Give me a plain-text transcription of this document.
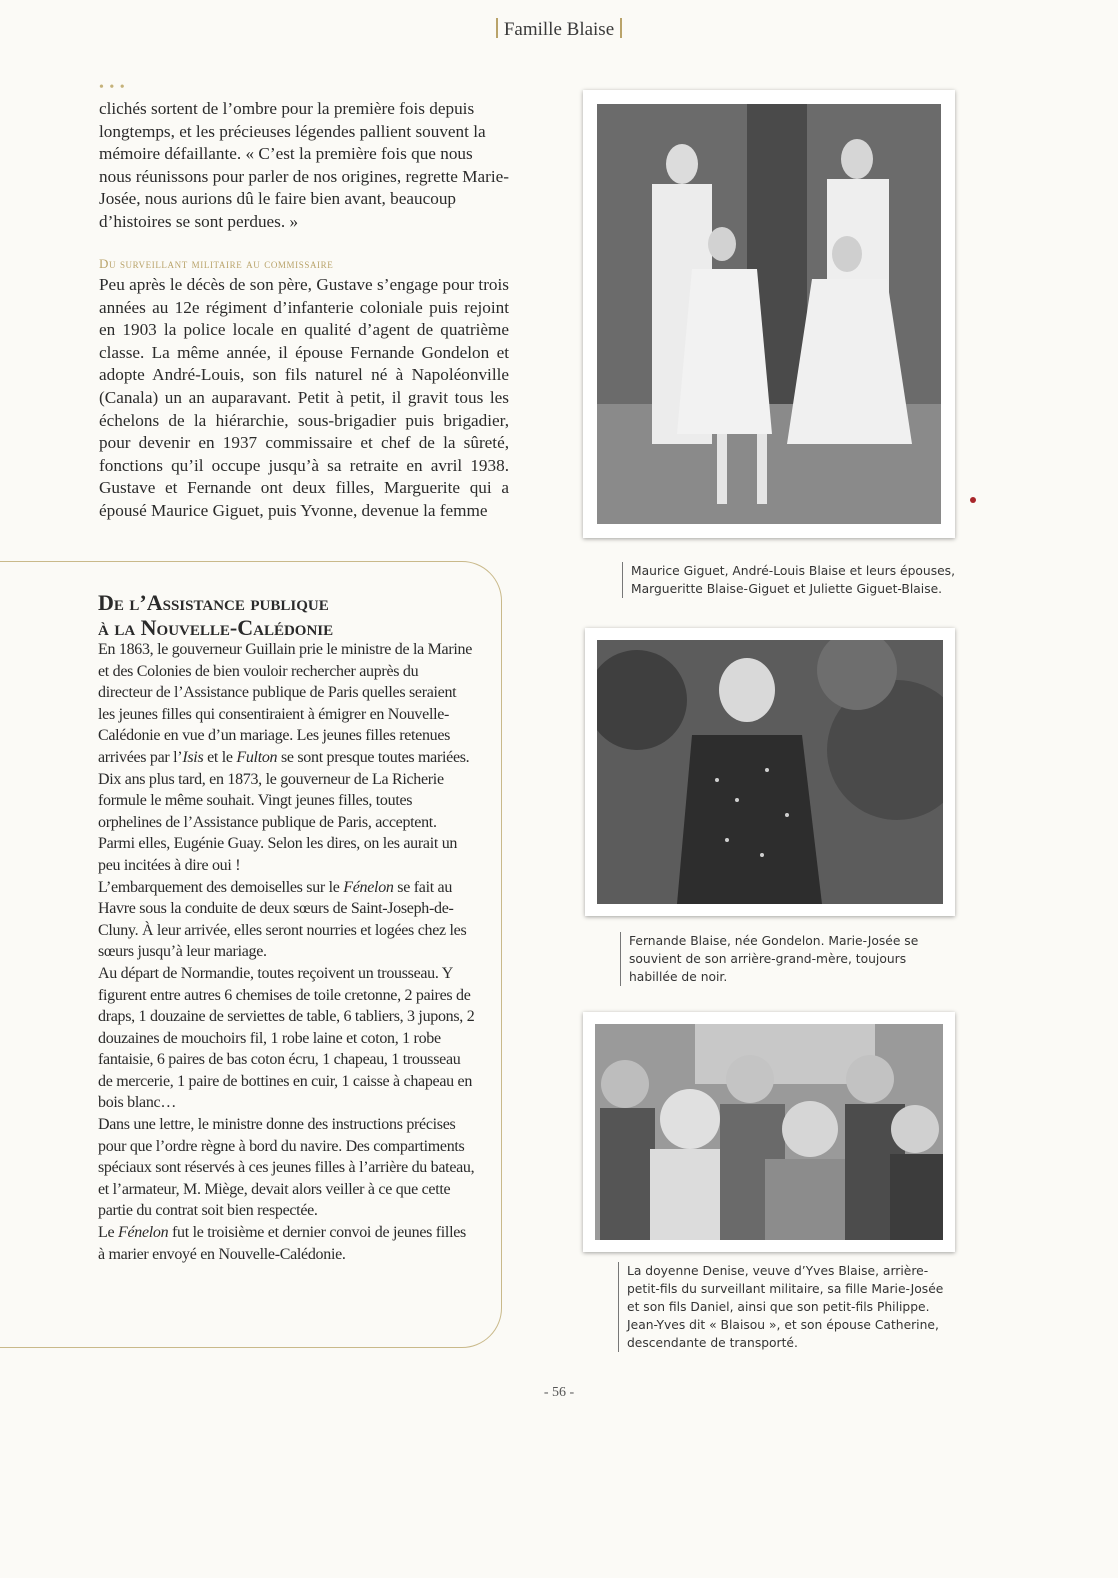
Famille Blaise
• • •

clichés sortent de l’ombre pour la première fois depuis longtemps, et les précieuses légendes pallient souvent la mémoire défaillante. « C’est la première fois que nous nous réunissons pour parler de nos origines, regrette Marie-Josée, nous aurions dû le faire bien avant, beaucoup d’histoires se sont perdues. »

Du surveillant militaire au commissaire

Peu après le décès de son père, Gustave s’engage pour trois années au 12e régiment d’infanterie coloniale puis rejoint en 1903 la police locale en qualité d’agent de quatrième classe. La même année, il épouse Fernande Gondelon et adopte André-Louis, son fils naturel né à Napoléonville (Canala) un an auparavant. Petit à petit, il gravit tous les échelons de la hiérarchie, sous-brigadier puis brigadier, pour devenir en 1937 commissaire et chef de la sûreté, fonctions qu’il occupe jusqu’à sa retraite en avril 1938. Gustave et Fernande ont deux filles, Marguerite qui a épousé Maurice Giguet, puis Yvonne, devenue la femme

Maurice Giguet, André-Louis Blaise et leurs épouses, Margueritte Blaise-Giguet et Juliette Giguet-Blaise.

Fernande Blaise, née Gondelon. Marie-Josée se souvient de son arrière-grand-mère, toujours habillée de noir.

La doyenne Denise, veuve d’Yves Blaise, arrière-petit-fils du surveillant militaire, sa fille Marie-Josée et son fils Daniel, ainsi que son petit-fils Philippe. Jean-Yves dit « Blaisou », et son épouse Catherine, descendante de transporté.

De l’Assistance publique
à la Nouvelle-Calédonie
En 1863, le gouverneur Guillain prie le ministre de la Marine et des Colonies de bien vouloir rechercher auprès du directeur de l’Assistance publique de Paris quelles seraient les jeunes filles qui consentiraient à émigrer en Nouvelle-Calédonie en vue d’un mariage. Les jeunes filles retenues arrivées par l’Isis et le Fulton se sont presque toutes mariées.
Dix ans plus tard, en 1873, le gouverneur de La Richerie formule le même souhait. Vingt jeunes filles, toutes orphelines de l’Assistance publique de Paris, acceptent. Parmi elles, Eugénie Guay. Selon les dires, on les aurait un peu incitées à dire oui !
L’embarquement des demoiselles sur le Fénelon se fait au Havre sous la conduite de deux sœurs de Saint-Joseph-de-Cluny. À leur arrivée, elles seront nourries et logées chez les sœurs jusqu’à leur mariage.
Au départ de Normandie, toutes reçoivent un trousseau. Y figurent entre autres 6 chemises de toile cretonne, 2 paires de draps, 1 douzaine de serviettes de table, 6 tabliers, 3 jupons, 2 douzaines de mouchoirs fil, 1 robe laine et coton, 1 robe fantaisie, 6 paires de bas coton écru, 1 chapeau, 1 trousseau de mercerie, 1 paire de bottines en cuir, 1 caisse à chapeau en bois blanc…
Dans une lettre, le ministre donne des instructions précises pour que l’ordre règne à bord du navire. Des compartiments spéciaux sont réservés à ces jeunes filles à l’arrière du bateau, et l’armateur, M. Miège, devait alors veiller à ce que cette partie du contrat soit bien respectée.
Le Fénelon fut le troisième et dernier convoi de jeunes filles à marier envoyé en Nouvelle-Calédonie.
- 56 -
